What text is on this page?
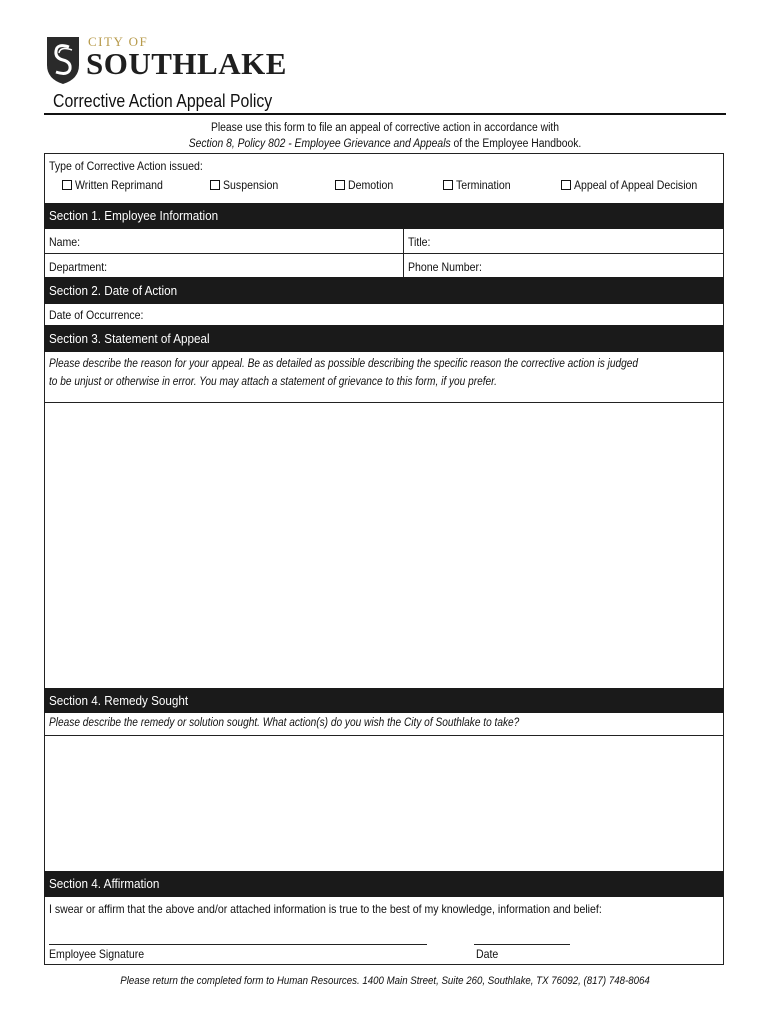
CITY OF
SOUTHLAKE
Corrective Action Appeal Policy
Please use this form to file an appeal of corrective action in accordance with
Section 8, Policy 802 - Employee Grievance and Appeals of the Employee Handbook.
Type of Corrective Action issued:
Written Reprimand	Suspension	Demotion	Termination	Appeal of Appeal Decision
Section 1. Employee Information
Name:	Title:
Department:	Phone Number:
Section 2. Date of Action
Date of Occurrence:
Section 3. Statement of Appeal
Please describe the reason for your appeal. Be as detailed as possible describing the specific reason the corrective action is judged
to be unjust or otherwise in error. You may attach a statement of grievance to this form, if you prefer.
Section 4. Remedy Sought
Please describe the remedy or solution sought. What action(s) do you wish the City of Southlake to take?
Section 4. Affirmation
I swear or affirm that the above and/or attached information is true to the best of my knowledge, information and belief:
Employee Signature	Date
Please return the completed form to Human Resources. 1400 Main Street, Suite 260, Southlake, TX 76092, (817) 748-8064
